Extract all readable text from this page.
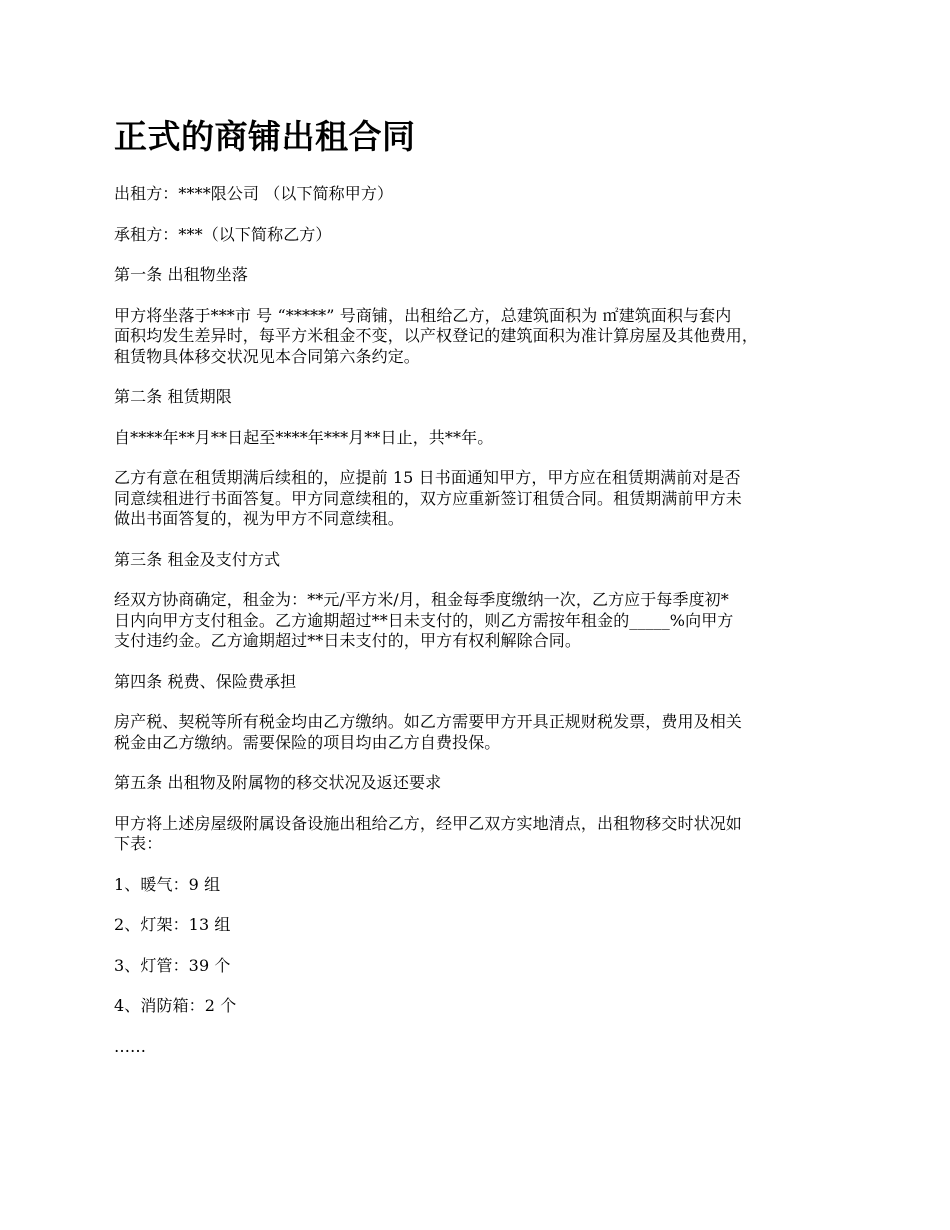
正式的商铺出租合同

出租方：****限公司 （以下简称甲方）

承租方：***（以下简称乙方）

第一条 出租物坐落

甲方将坐落于***市 号 “*****” 号商铺，出租给乙方，总建筑面积为 ㎡建筑面积与套内
面积均发生差异时，每平方米租金不变，以产权登记的建筑面积为准计算房屋及其他费用，
租赁物具体移交状况见本合同第六条约定。

第二条 租赁期限

自****年**月**日起至****年***月**日止，共**年。

乙方有意在租赁期满后续租的，应提前 15 日书面通知甲方，甲方应在租赁期满前对是否
同意续租进行书面答复。甲方同意续租的，双方应重新签订租赁合同。租赁期满前甲方未
做出书面答复的，视为甲方不同意续租。

第三条 租金及支付方式

经双方协商确定，租金为：**元/平方米/月，租金每季度缴纳一次，乙方应于每季度初*
日内向甲方支付租金。乙方逾期超过**日未支付的，则乙方需按年租金的_____%向甲方
支付违约金。乙方逾期超过**日未支付的，甲方有权利解除合同。

第四条 税费、保险费承担

房产税、契税等所有税金均由乙方缴纳。如乙方需要甲方开具正规财税发票，费用及相关
税金由乙方缴纳。需要保险的项目均由乙方自费投保。

第五条 出租物及附属物的移交状况及返还要求

甲方将上述房屋级附属设备设施出租给乙方，经甲乙双方实地清点，出租物移交时状况如
下表：

1、暖气：9 组

2、灯架：13 组

3、灯管：39 个

4、消防箱：2 个

……
